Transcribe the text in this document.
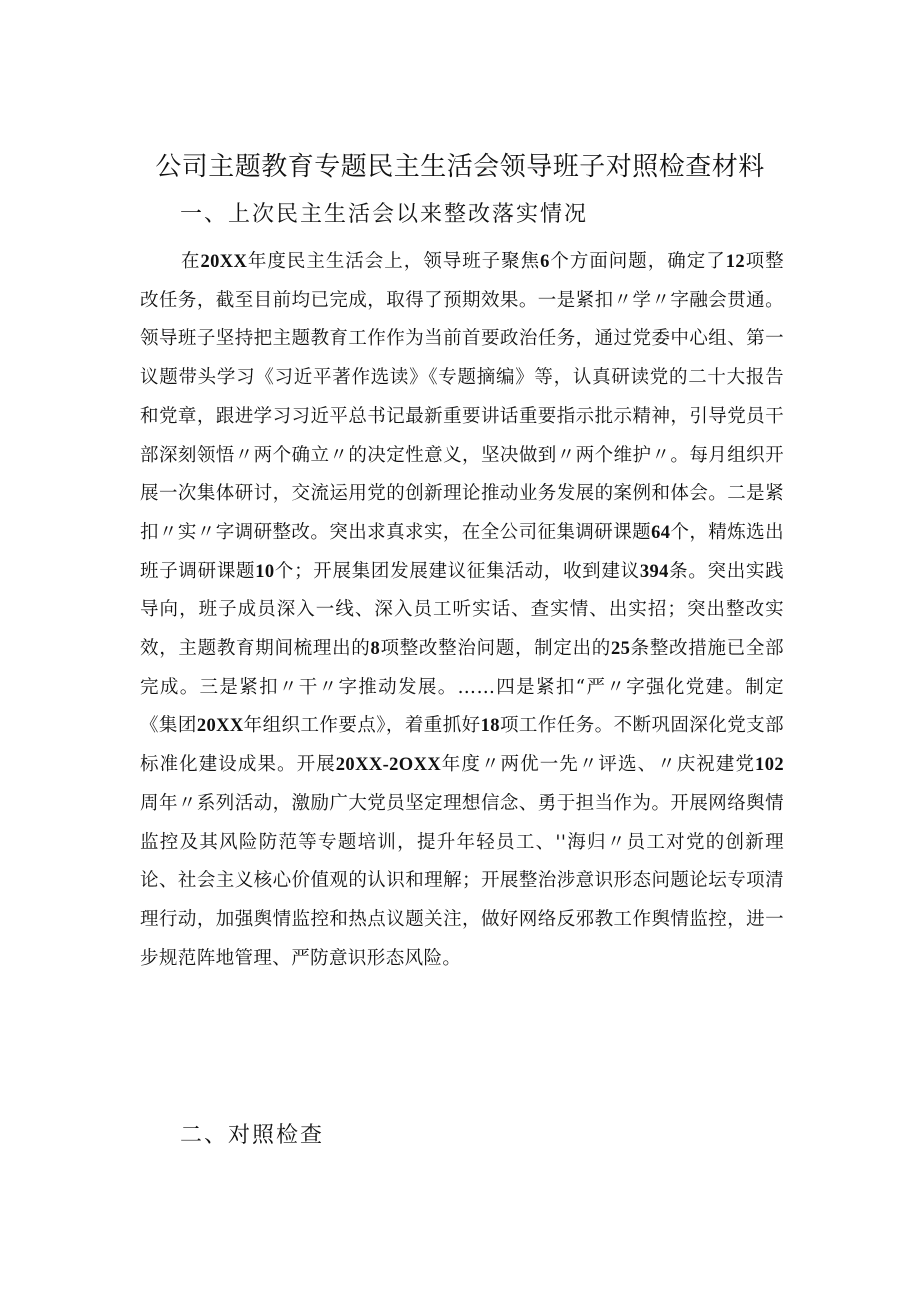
公司主题教育专题民主生活会领导班子对照检查材料
一、上次民主生活会以来整改落实情况

在20XX年度民主生活会上，领导班子聚焦6个方面问题，确定了12项整改任务，截至目前均已完成，取得了预期效果。一是紧扣〃学〃字融会贯通。领导班子坚持把主题教育工作作为当前首要政治任务，通过党委中心组、第一议题带头学习《习近平著作选读》《专题摘编》等，认真研读党的二十大报告和党章，跟进学习习近平总书记最新重要讲话重要指示批示精神，引导党员干部深刻领悟〃两个确立〃的决定性意义，坚决做到〃两个维护〃。每月组织开展一次集体研讨，交流运用党的创新理论推动业务发展的案例和体会。二是紧扣〃实〃字调研整改。突出求真求实，在全公司征集调研课题64个，精炼选出班子调研课题10个；开展集团发展建议征集活动，收到建议394条。突出实践导向，班子成员深入一线、深入员工听实话、查实情、出实招；突出整改实效，主题教育期间梳理出的8项整改整治问题，制定出的25条整改措施已全部完成。三是紧扣〃干〃字推动发展。……四是紧扣“严〃字强化党建。制定《集团20XX年组织工作要点》，着重抓好18项工作任务。不断巩固深化党支部标准化建设成果。开展20XX-2OXX年度〃两优一先〃评选、〃庆祝建党102周年〃系列活动，激励广大党员坚定理想信念、勇于担当作为。开展网络舆情监控及其风险防范等专题培训，提升年轻员工、''海归〃员工对党的创新理论、社会主义核心价值观的认识和理解；开展整治涉意识形态问题论坛专项清理行动，加强舆情监控和热点议题关注，做好网络反邪教工作舆情监控，进一步规范阵地管理、严防意识形态风险。

二、对照检查
